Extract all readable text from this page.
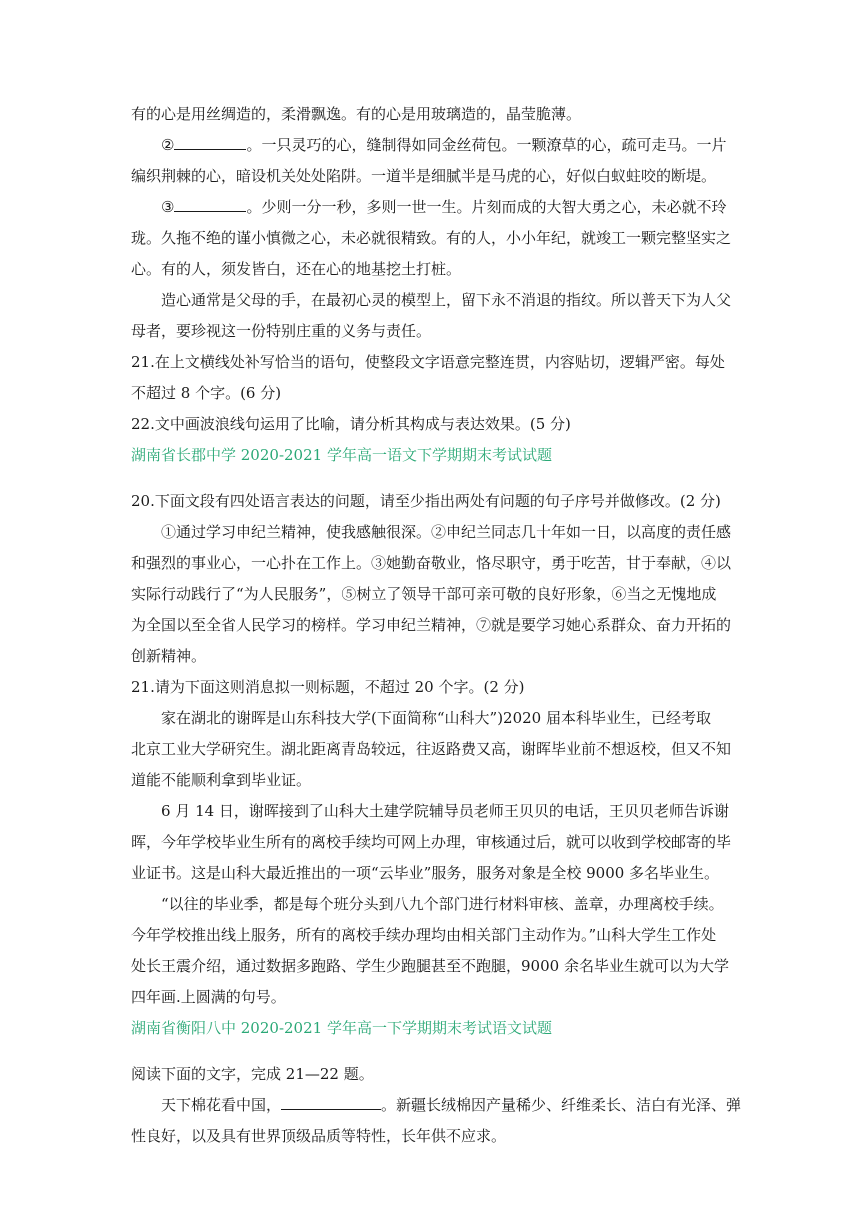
有的心是用丝绸造的，柔滑飘逸。有的心是用玻璃造的，晶莹脆薄。
②	。一只灵巧的心，缝制得如同金丝荷包。一颗潦草的心，疏可走马。一片
编织荆棘的心，暗设机关处处陷阱。一道半是细腻半是马虎的心，好似白蚁蛀咬的断堤。
③	。少则一分一秒，多则一世一生。片刻而成的大智大勇之心，未必就不玲
珑。久拖不绝的谨小慎微之心，未必就很精致。有的人，小小年纪，就竣工一颗完整坚实之
心。有的人，须发皆白，还在心的地基挖土打桩。
造心通常是父母的手，在最初心灵的模型上，留下永不消退的指纹。所以普天下为人父
母者，要珍视这一份特别庄重的义务与责任。
21.在上文横线处补写恰当的语句，使整段文字语意完整连贯，内容贴切，逻辑严密。每处
不超过 8 个字。(6 分)
22.文中画波浪线句运用了比喻，请分析其构成与表达效果。(5 分)
湖南省长郡中学 2020-2021 学年高一语文下学期期末考试试题
20.下面文段有四处语言表达的问题，请至少指出两处有问题的句子序号并做修改。(2 分)
①通过学习申纪兰精神，使我感触很深。②申纪兰同志几十年如一日，以高度的责任感
和强烈的事业心，一心扑在工作上。③她勤奋敬业，恪尽职守，勇于吃苦，甘于奉献，④以
实际行动践行了“为人民服务”，⑤树立了领导干部可亲可敬的良好形象，⑥当之无愧地成
为全国以至全省人民学习的榜样。学习申纪兰精神，⑦就是要学习她心系群众、奋力开拓的
创新精神。
21.请为下面这则消息拟一则标题，不超过 20 个字。(2 分)
家在湖北的谢晖是山东科技大学(下面简称“山科大”)2020 届本科毕业生，已经考取
北京工业大学研究生。湖北距离青岛较远，往返路费又高，谢晖毕业前不想返校，但又不知
道能不能顺利拿到毕业证。
6 月 14 日，谢晖接到了山科大土建学院辅导员老师王贝贝的电话，王贝贝老师告诉谢
晖，今年学校毕业生所有的离校手续均可网上办理，审核通过后，就可以收到学校邮寄的毕
业证书。这是山科大最近推出的一项“云毕业”服务，服务对象是全校 9000 多名毕业生。
“以往的毕业季，都是每个班分头到八九个部门进行材料审核、盖章，办理离校手续。
今年学校推出线上服务，所有的离校手续办理均由相关部门主动作为。”山科大学生工作处
处长王震介绍，通过数据多跑路、学生少跑腿甚至不跑腿，9000 余名毕业生就可以为大学
四年画.上圆满的句号。
湖南省衡阳八中 2020-2021 学年高一下学期期末考试语文试题
阅读下面的文字，完成 21—22 题。
天下棉花看中国，	。新疆长绒棉因产量稀少、纤维柔长、洁白有光泽、弹
性良好，以及具有世界顶级品质等特性，长年供不应求。
